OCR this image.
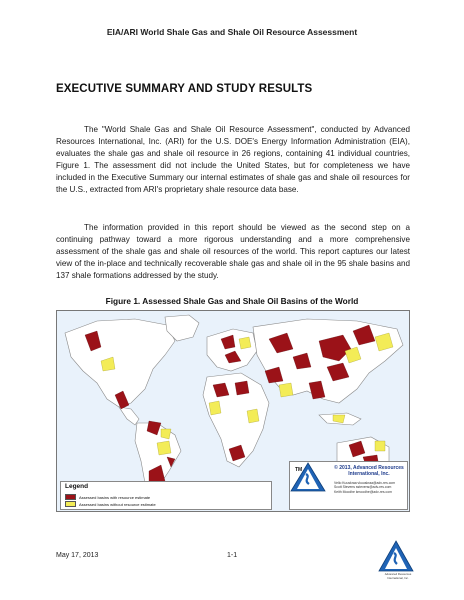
EIA/ARI World Shale Gas and Shale Oil Resource Assessment
EXECUTIVE SUMMARY AND STUDY RESULTS

The "World Shale Gas and Shale Oil Resource Assessment", conducted by Advanced Resources International, Inc. (ARI) for the U.S. DOE's Energy Information Administration (EIA), evaluates the shale gas and shale oil resource in 26 regions, containing 41 individual countries, Figure 1. The assessment did not include the United States, but for completeness we have included in the Executive Summary our internal estimates of shale gas and shale oil resources for the U.S., extracted from ARI's proprietary shale resource data base.

The information provided in this report should be viewed as the second step on a continuing pathway toward a more rigorous understanding and a more comprehensive assessment of the shale gas and shale oil resources of the world. This report captures our latest view of the in-place and technically recoverable shale gas and shale oil in the 95 shale basins and 137 shale formations addressed by the study.

Figure 1. Assessed Shale Gas and Shale Oil Basins of the World
Legend
Assessed basins with resource estimate
Assessed basins without resource estimate
TM	© 2013, Advanced Resources
International, Inc.
Vello Kuuskraa vkuuskraa@adv-res.com
Scott Stevens sstevens@adv-res.com
Keith Moodhe kmoodhe@adv-res.com
May 17, 2013	1-1
Advanced Resources
International, Inc.
